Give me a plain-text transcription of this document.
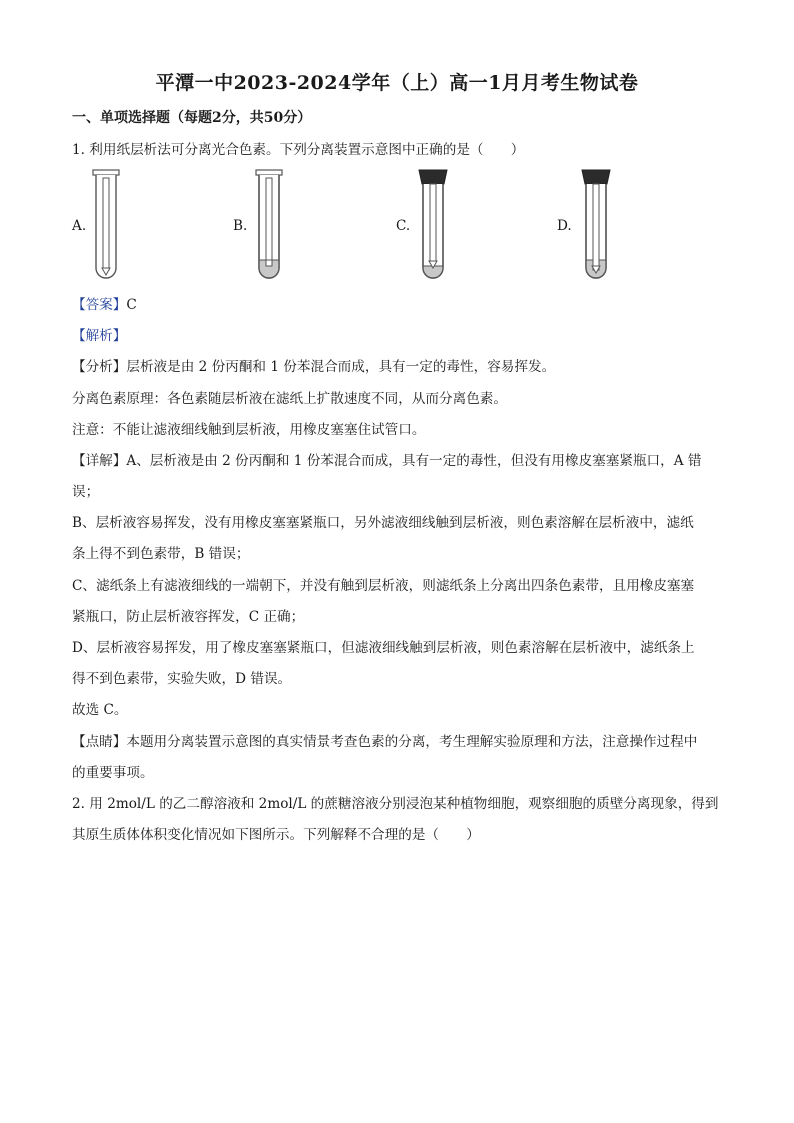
平潭一中2023-2024学年（上）高一1月月考生物试卷
一、单项选择题（每题2分，共50分）
1. 利用纸层析法可分离光合色素。下列分离装置示意图中正确的是（　　）
A.	B.	C.	D.
【答案】C
【解析】
【分析】层析液是由 2 份丙酮和 1 份苯混合而成，具有一定的毒性，容易挥发。
分离色素原理：各色素随层析液在滤纸上扩散速度不同，从而分离色素。
注意：不能让滤液细线触到层析液，用橡皮塞塞住试管口。
【详解】A、层析液是由 2 份丙酮和 1 份苯混合而成，具有一定的毒性，但没有用橡皮塞塞紧瓶口，A 错
误；
B、层析液容易挥发，没有用橡皮塞塞紧瓶口，另外滤液细线触到层析液，则色素溶解在层析液中，滤纸
条上得不到色素带，B 错误；
C、滤纸条上有滤液细线的一端朝下，并没有触到层析液，则滤纸条上分离出四条色素带，且用橡皮塞塞
紧瓶口，防止层析液容挥发，C 正确；
D、层析液容易挥发，用了橡皮塞塞紧瓶口，但滤液细线触到层析液，则色素溶解在层析液中，滤纸条上
得不到色素带，实验失败，D 错误。
故选 C。
【点睛】本题用分离装置示意图的真实情景考查色素的分离，考生理解实验原理和方法，注意操作过程中
的重要事项。
2. 用 2mol/L 的乙二醇溶液和 2mol/L 的蔗糖溶液分别浸泡某种植物细胞，观察细胞的质壁分离现象，得到
其原生质体体积变化情况如下图所示。下列解释不合理的是（　　）
